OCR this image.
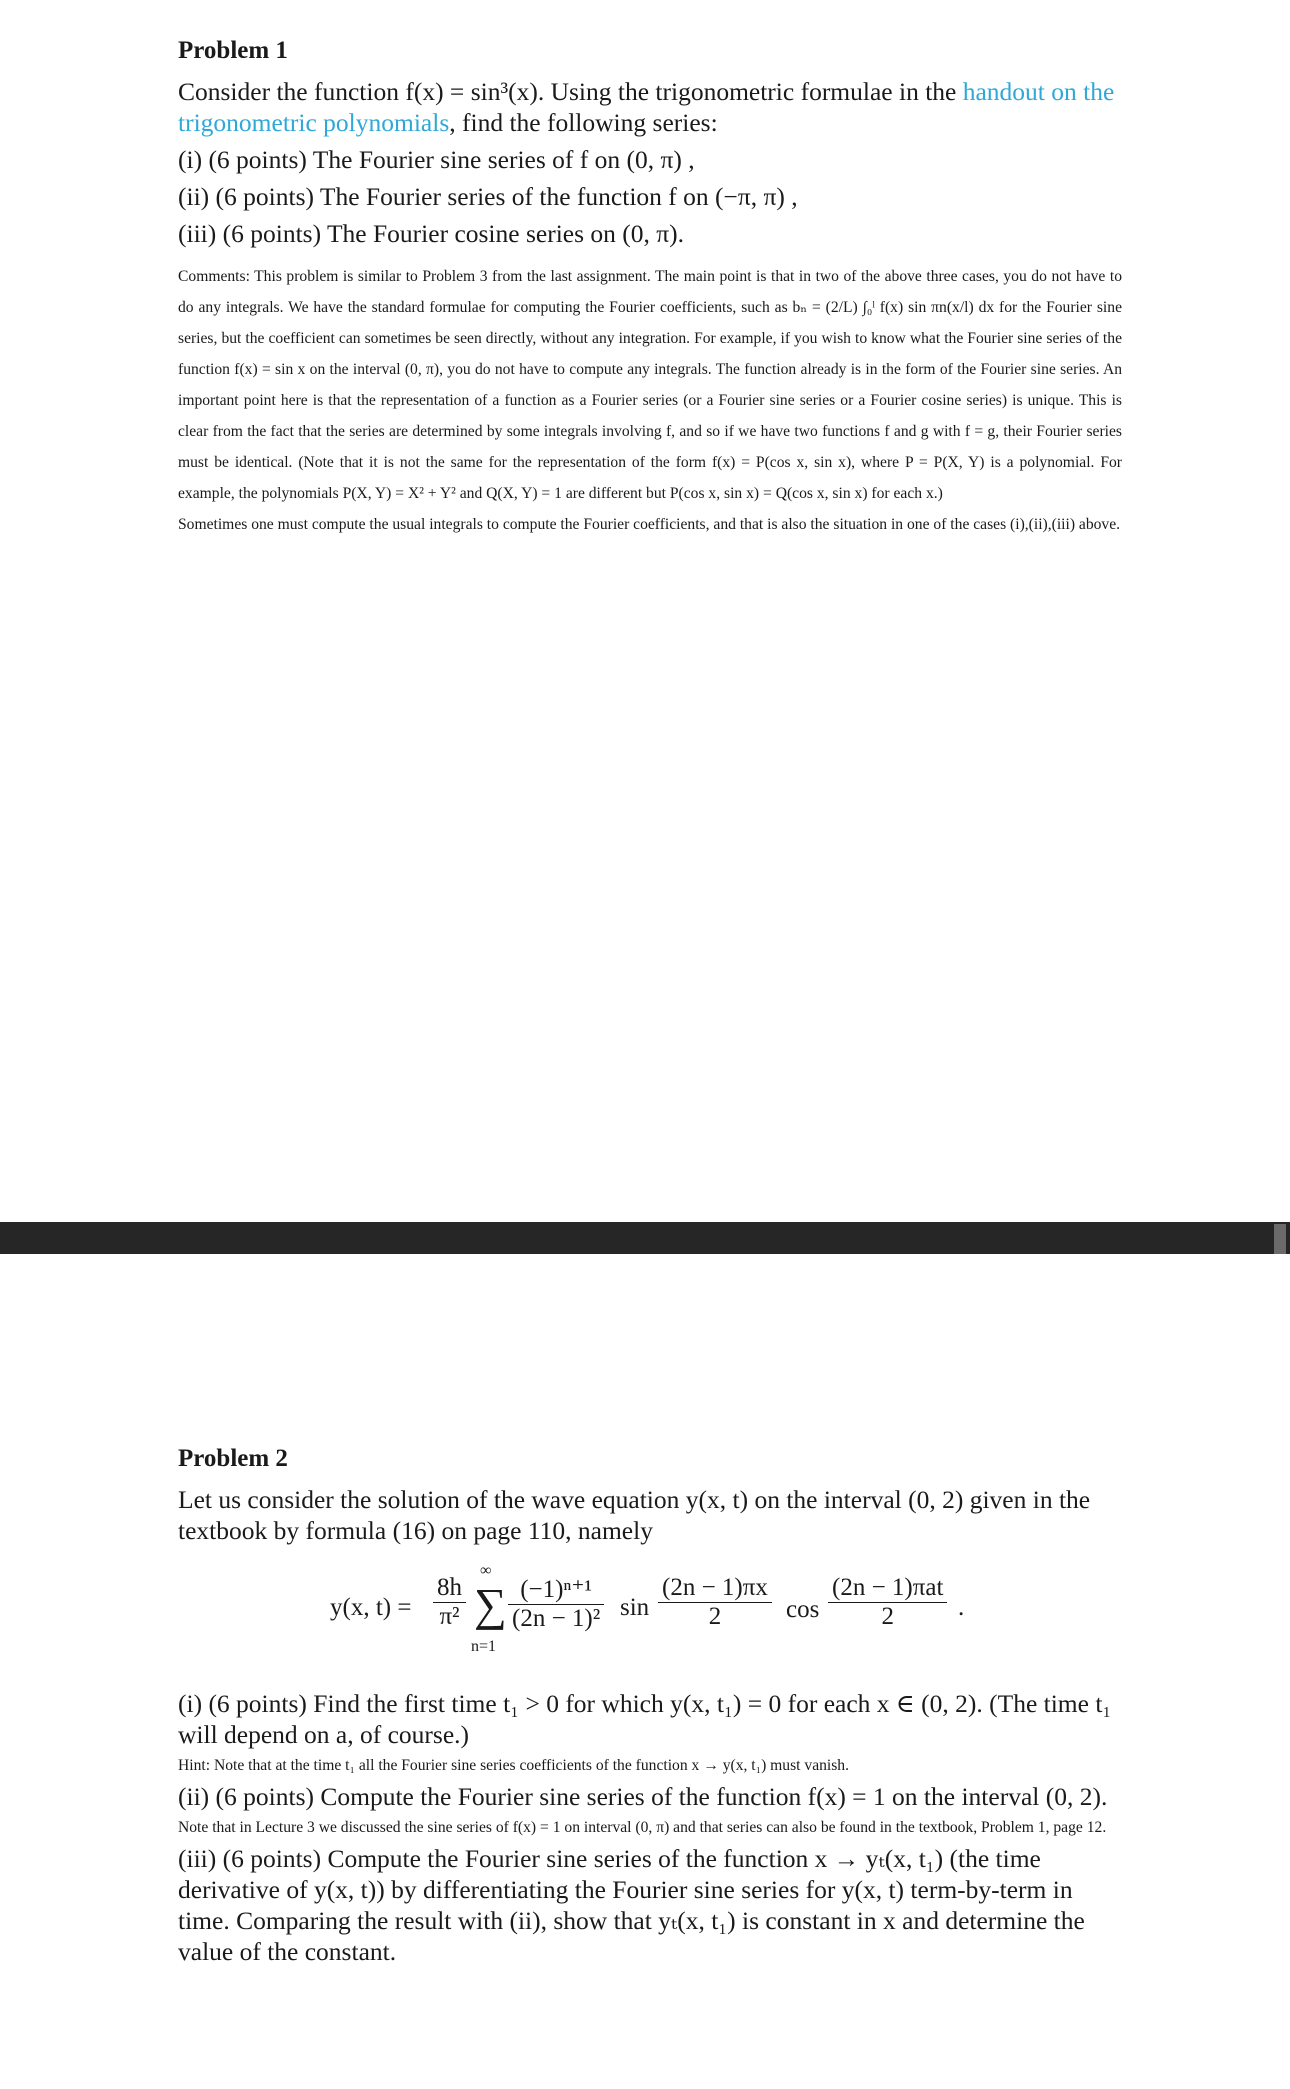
Problem 1

Consider the function f(x) = sin³(x). Using the trigonometric formulae in the handout on the trigonometric polynomials, find the following series:

(i) (6 points) The Fourier sine series of f on (0, π) ,

(ii) (6 points) The Fourier series of the function f on (−π, π) ,

(iii) (6 points) The Fourier cosine series on (0, π).

Comments: This problem is similar to Problem 3 from the last assignment. The main point is that in two of the above three cases, you do not have to do any integrals. We have the standard formulae for computing the Fourier coefficients, such as bₙ = (2/L) ∫₀ˡ f(x) sin πn(x/l) dx for the Fourier sine series, but the coefficient can sometimes be seen directly, without any integration. For example, if you wish to know what the Fourier sine series of the function f(x) = sin x on the interval (0, π), you do not have to compute any integrals. The function already is in the form of the Fourier sine series. An important point here is that the representation of a function as a Fourier series (or a Fourier sine series or a Fourier cosine series) is unique. This is clear from the fact that the series are determined by some integrals involving f, and so if we have two functions f and g with f = g, their Fourier series must be identical. (Note that it is not the same for the representation of the form f(x) = P(cos x, sin x), where P = P(X, Y) is a polynomial. For example, the polynomials P(X, Y) = X² + Y² and Q(X, Y) = 1 are different but P(cos x, sin x) = Q(cos x, sin x) for each x.)

Sometimes one must compute the usual integrals to compute the Fourier coefficients, and that is also the situation in one of the cases (i),(ii),(iii) above.

Problem 2

Let us consider the solution of the wave equation y(x, t) on the interval (0, 2) given in the textbook by formula (16) on page 110, namely

y(x, $t) = \frac{8h}{\text{π²}}$
∞
∑
n=1
$\frac{\text{(−1)ⁿ⁺¹}}{\text{(2n − 1)²}}$ $\sin \frac{(2n - 1)\pi x}{2}$ cos
(2n − 1)πat
2	.

(i) (6 points) Find the first time t₁ > 0 for which y(x, t₁) = 0 for each x ∈ (0, 2). (The time t₁ will depend on a, of course.)

Hint: Note that at the time t₁ all the Fourier sine series coefficients of the function x → y(x, t₁) must vanish.

(ii) (6 points) Compute the Fourier sine series of the function f(x) = 1 on the interval (0, 2).

Note that in Lecture 3 we discussed the sine series of f(x) = 1 on interval (0, π) and that series can also be found in the textbook, Problem 1, page 12.

(iii) (6 points) Compute the Fourier sine series of the function x → yₜ(x, t₁) (the time derivative of y(x, t)) by differentiating the Fourier sine series for y(x, t) term-by-term in time. Comparing the result with (ii), show that yₜ(x, t₁) is constant in x and determine the value of the constant.
